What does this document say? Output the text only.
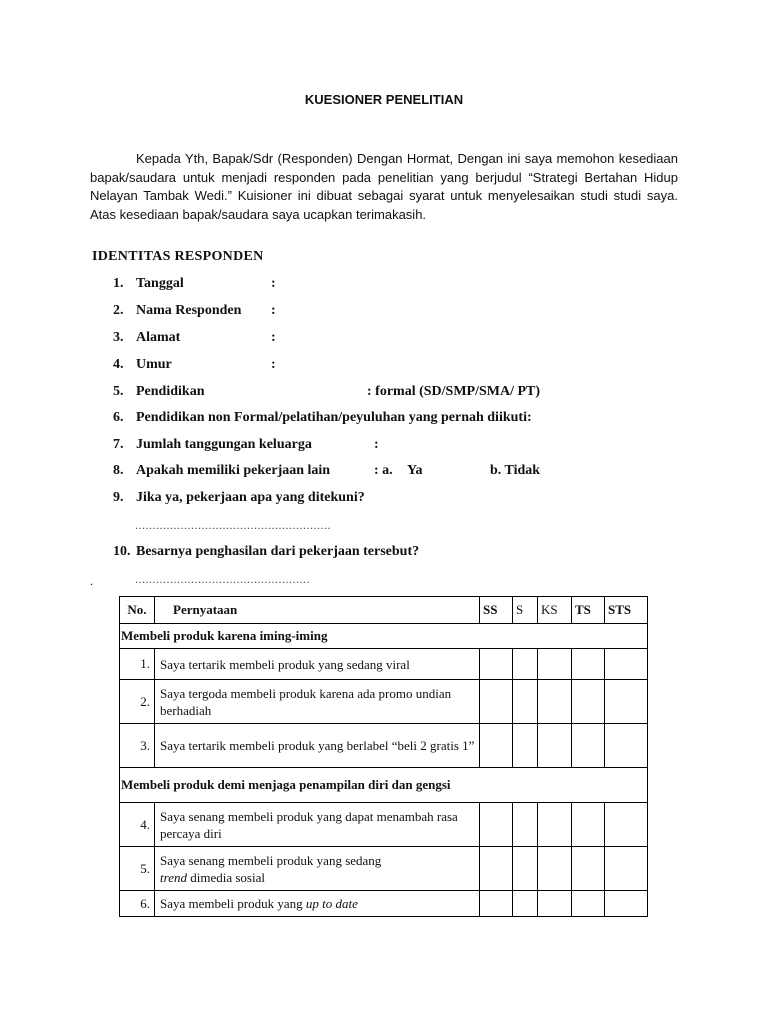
KUESIONER PENELITIAN

Kepada Yth, Bapak/Sdr (Responden) Dengan Hormat, Dengan ini saya memohon kesediaan bapak/saudara untuk menjadi responden pada penelitian yang berjudul “Strategi Bertahan Hidup Nelayan Tambak Wedi.” Kuisioner ini dibuat sebagai syarat untuk menyelesaikan studi studi saya. Atas kesediaan bapak/saudara saya ucapkan terimakasih.

IDENTITAS RESPONDEN
1. Tanggal	:
2. Nama Responden :
3. Alamat	:
4. Umur	:
5. Pendidikan	: formal (SD/SMP/SMA/ PT)
6. Pendidikan non Formal/pelatihan/peyuluhan yang pernah diikuti:
7. Jumlah tanggungan keluarga	:
8. Apakah memiliki pekerjaan lain	: a. Ya	b. Tidak
9. Jika ya, pekerjaan apa yang ditekuni?
........................................................
10. Besarnya penghasilan dari pekerjaan tersebut?
.	..................................................
No.	Pernyataan	SS	S	KS	TS	STS
Membeli produk karena iming-iming						
1.	Saya tertarik membeli produk yang sedang viral					
2.	Saya tergoda membeli produk karena ada promo undian berhadiah					
3.	Saya tertarik membeli produk yang berlabel “beli 2 gratis 1”					
Membeli produk demi menjaga penampilan diri dan gengsi						
4.	Saya senang membeli produk yang dapat menambah rasa percaya diri					
5.	Saya senang membeli produk yang sedang
trend dimedia sosial					
6.	Saya membeli produk yang up to date					
